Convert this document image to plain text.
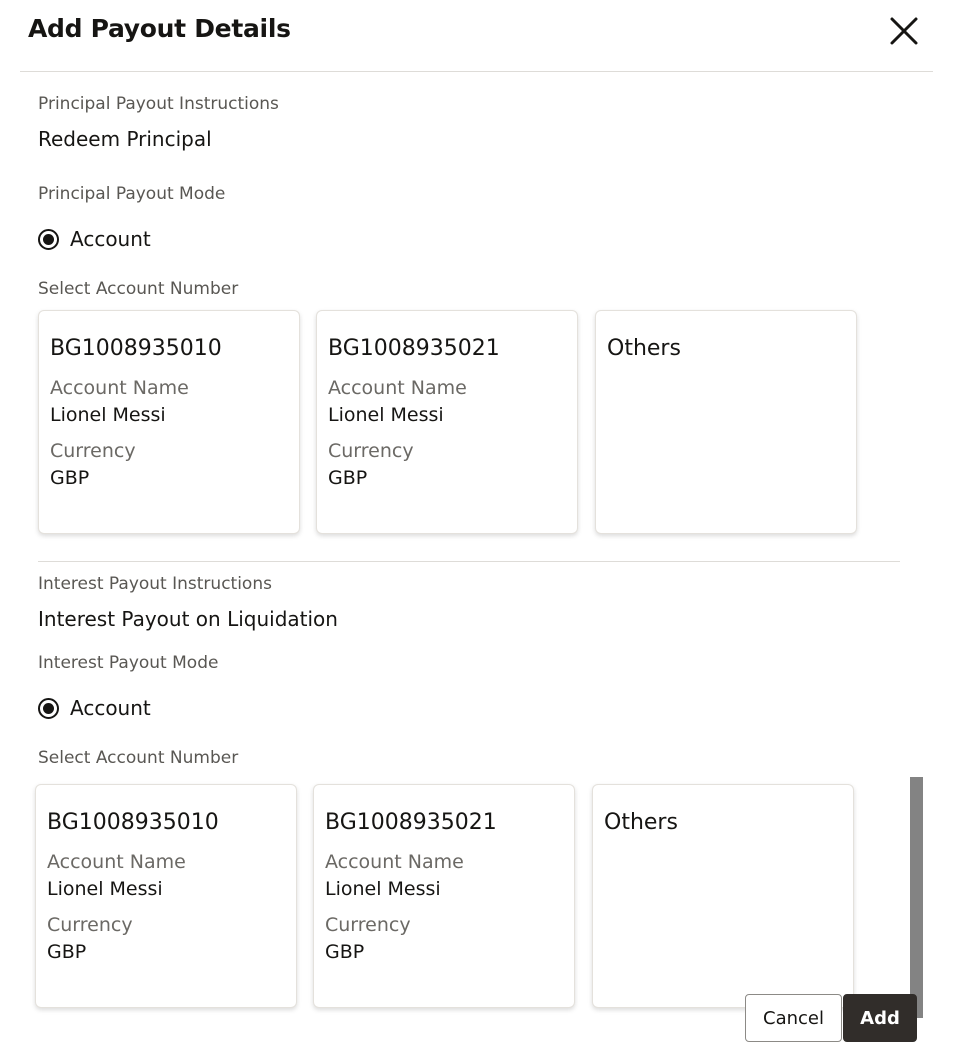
Add Payout Details
Principal Payout Instructions
Redeem Principal
Principal Payout Mode
Account
Select Account Number
BG1008935010
Account Name
Lionel Messi
Currency
GBP
BG1008935021
Account Name
Lionel Messi
Currency
GBP
Others
Interest Payout Instructions
Interest Payout on Liquidation
Interest Payout Mode
Account
Select Account Number
BG1008935010
Account Name
Lionel Messi
Currency
GBP
BG1008935021
Account Name
Lionel Messi
Currency
GBP
Others
Cancel	Add
